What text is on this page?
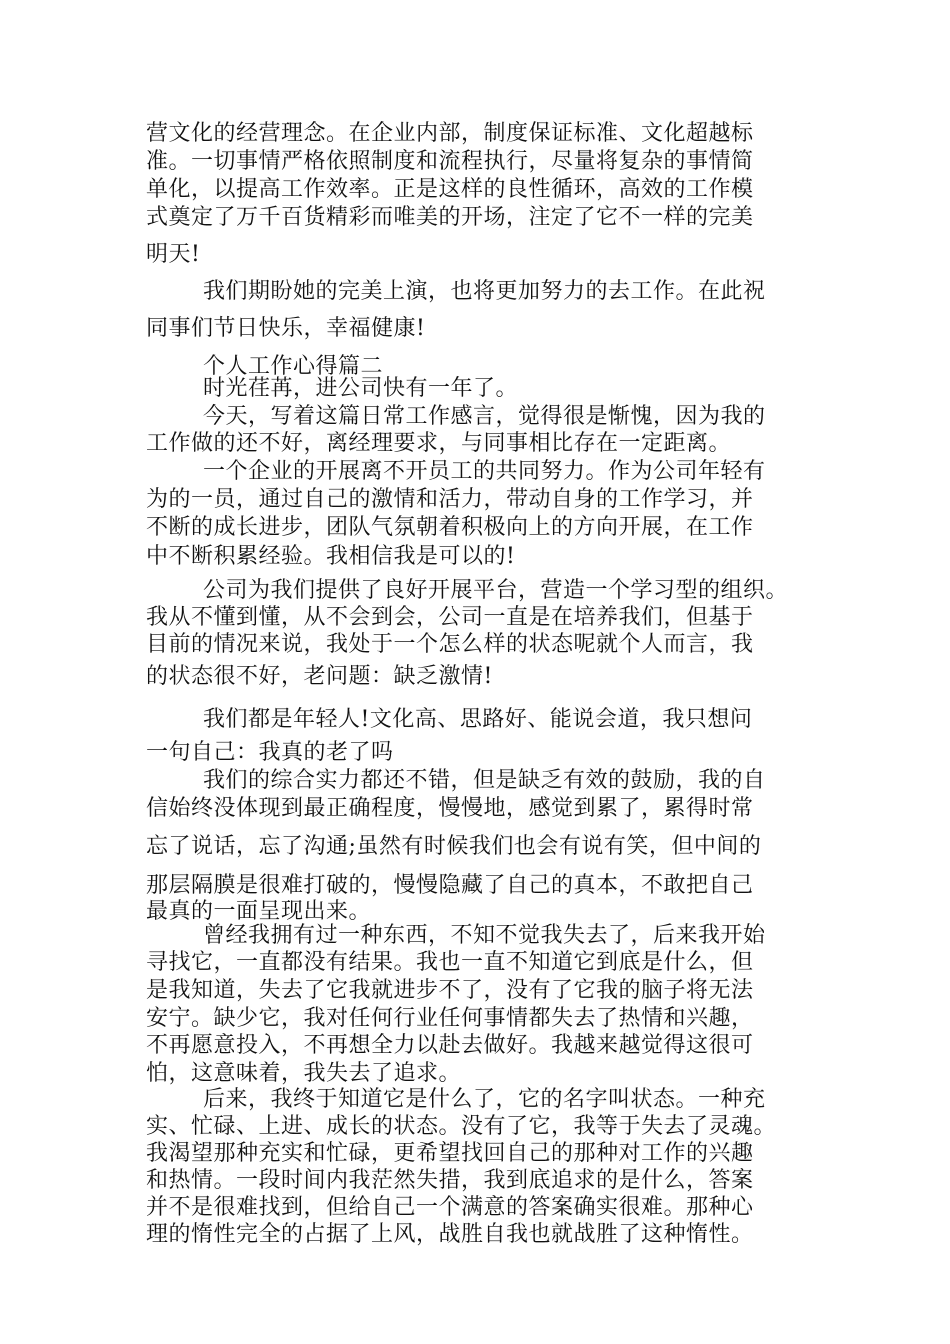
营文化的经营理念。在企业内部，制度保证标准、文化超越标
准。一切事情严格依照制度和流程执行，尽量将复杂的事情简
单化，以提高工作效率。正是这样的良性循环，高效的工作模
式奠定了万千百货精彩而唯美的开场，注定了它不一样的完美
明天!
我们期盼她的完美上演，也将更加努力的去工作。在此祝
同事们节日快乐，幸福健康!
个人工作心得篇二
时光荏苒，进公司快有一年了。
今天，写着这篇日常工作感言，觉得很是惭愧，因为我的
工作做的还不好，离经理要求，与同事相比存在一定距离。
一个企业的开展离不开员工的共同努力。作为公司年轻有
为的一员，通过自己的激情和活力，带动自身的工作学习，并
不断的成长进步，团队气氛朝着积极向上的方向开展，在工作
中不断积累经验。我相信我是可以的!
公司为我们提供了良好开展平台，营造一个学习型的组织。
我从不懂到懂，从不会到会，公司一直是在培养我们，但基于
目前的情况来说，我处于一个怎么样的状态呢就个人而言，我
的状态很不好，老问题：缺乏激情!
我们都是年轻人!文化高、思路好、能说会道，我只想问
一句自己：我真的老了吗
我们的综合实力都还不错，但是缺乏有效的鼓励，我的自
信始终没体现到最正确程度，慢慢地，感觉到累了，累得时常
忘了说话，忘了沟通;虽然有时候我们也会有说有笑，但中间的
那层隔膜是很难打破的，慢慢隐藏了自己的真本，不敢把自己
最真的一面呈现出来。
曾经我拥有过一种东西，不知不觉我失去了，后来我开始
寻找它，一直都没有结果。我也一直不知道它到底是什么，但
是我知道，失去了它我就进步不了，没有了它我的脑子将无法
安宁。缺少它，我对任何行业任何事情都失去了热情和兴趣，
不再愿意投入，不再想全力以赴去做好。我越来越觉得这很可
怕，这意味着，我失去了追求。
后来，我终于知道它是什么了，它的名字叫状态。一种充
实、忙碌、上进、成长的状态。没有了它，我等于失去了灵魂。
我渴望那种充实和忙碌，更希望找回自己的那种对工作的兴趣
和热情。一段时间内我茫然失措，我到底追求的是什么，答案
并不是很难找到，但给自己一个满意的答案确实很难。那种心
理的惰性完全的占据了上风，战胜自我也就战胜了这种惰性。
